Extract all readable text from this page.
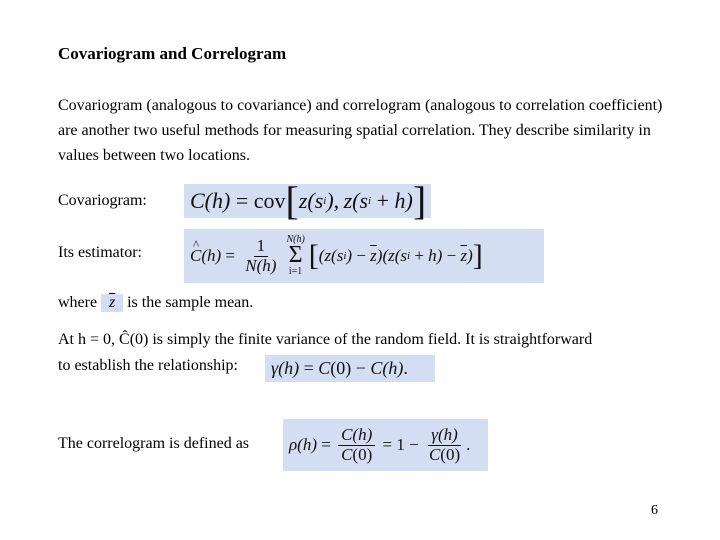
Covariogram and Correlogram
Covariogram (analogous to covariance) and correlogram (analogous to correlation coefficient) are another two useful methods for measuring spatial correlation. They describe similarity in values between two locations.
Covariogram: C(h) = cov [ z(s i ), z(s i
+ h) ]
Its estimator:	^ C $(h) = \frac{1}{N(h)} N(h)$
Σ
i=1 [ (z(s i ) − $\overline{z}$ )(z(s $i + h) - \overline{z}$ ) ]
where $\overline{z}$ is the sample mean.
At h = 0, Ĉ(0) is simply the finite variance of the random field. It is straightforward
to establish the relationship:	γ(h) = C (0) − C(h) .
The correlogram is defined as	$\rho(h) = \frac{C(h)}{C(0)} = 1 - \frac{\gamma(h)}{C(0)}$ .
6
